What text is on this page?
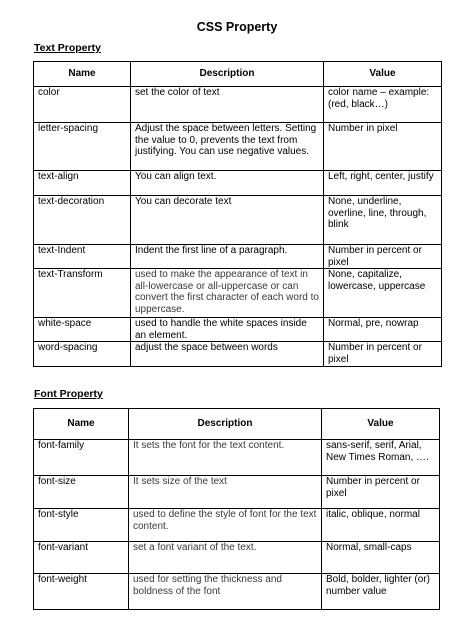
CSS Property
Text Property
Name	Description	Value
color	set the color of text	color name – example:(red, black…)
letter-spacing	Adjust the space between letters. Setting the value to 0, prevents the text from justifying. You can use negative values.	Number in pixel
text-align	You can align text.	Left, right, center, justify
text-decoration	You can decorate text	None, underline, overline, line, through, blink
text-Indent	Indent the first line of a paragraph.	Number in percent or pixel
text-Transform	used to make the appearance of text in all-lowercase or all-uppercase or can convert the first character of each word to uppercase.	None, capitalize, lowercase, uppercase
white-space	used to handle the white spaces inside an element.	Normal, pre, nowrap
word-spacing	adjust the space between words	Number in percent or pixel
Font Property
Name	Description	Value
font-family	It sets the font for the text content.	sans-serif, serif, Arial, New Times Roman, ….
font-size	It sets size of the text	Number in percent or pixel
font-style	used to define the style of font for the text content.	italic, oblique, normal
font-variant	set a font variant of the text.	Normal, small-caps
font-weight	used for setting the thickness and boldness of the font	Bold, bolder, lighter (or) number value
